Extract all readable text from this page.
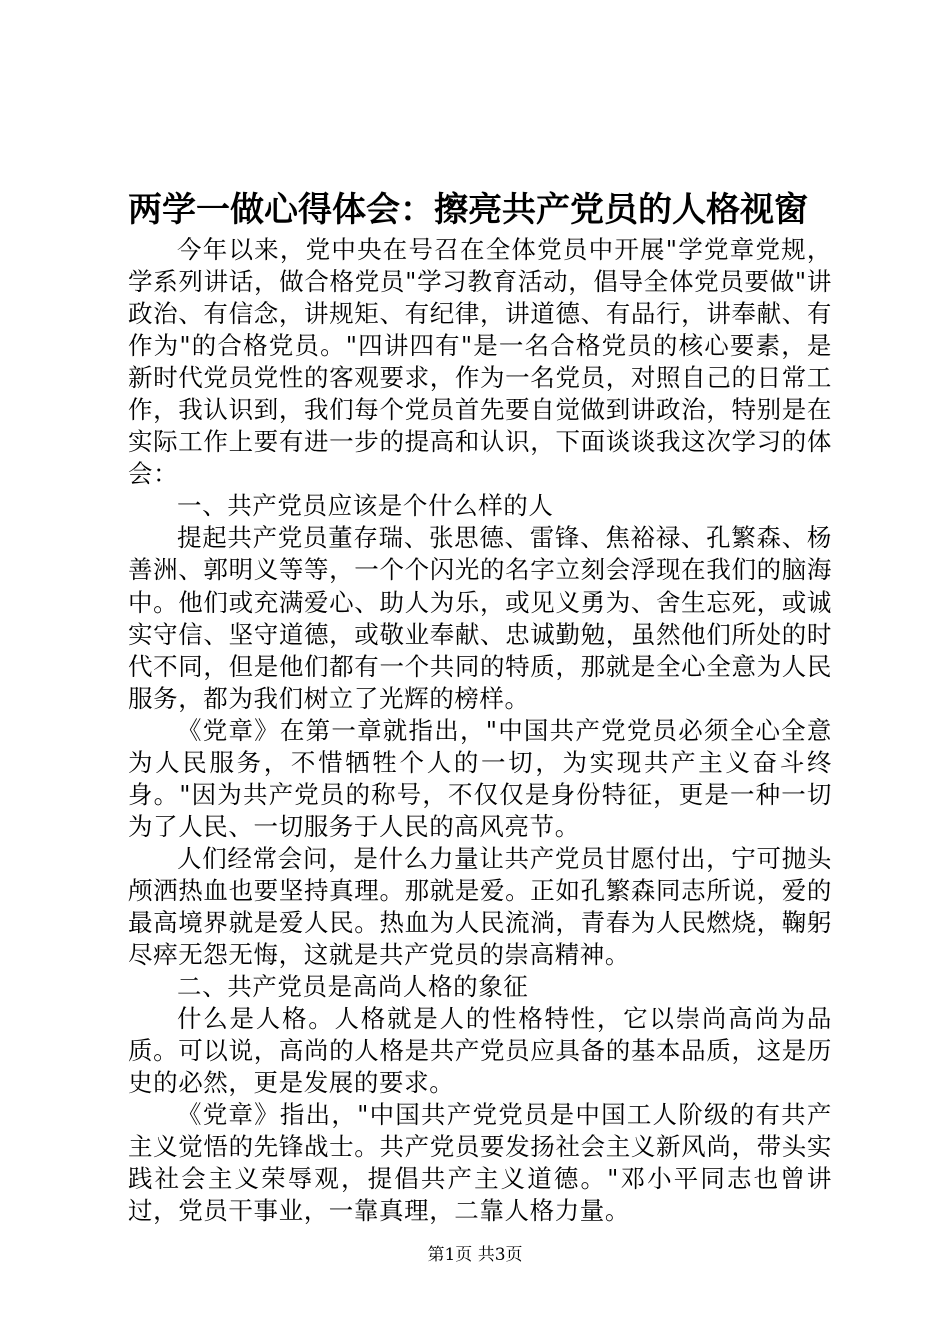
两学一做心得体会：擦亮共产党员的人格视窗

今年以来，党中央在号召在全体党员中开展"学党章党规，学系列讲话，做合格党员"学习教育活动，倡导全体党员要做"讲政治、有信念，讲规矩、有纪律，讲道德、有品行，讲奉献、有作为"的合格党员。"四讲四有"是一名合格党员的核心要素，是新时代党员党性的客观要求，作为一名党员，对照自己的日常工作，我认识到，我们每个党员首先要自觉做到讲政治，特别是在实际工作上要有进一步的提高和认识，下面谈谈我这次学习的体会：

一、共产党员应该是个什么样的人

提起共产党员董存瑞、张思德、雷锋、焦裕禄、孔繁森、杨善洲、郭明义等等，一个个闪光的名字立刻会浮现在我们的脑海中。他们或充满爱心、助人为乐，或见义勇为、舍生忘死，或诚实守信、坚守道德，或敬业奉献、忠诚勤勉，虽然他们所处的时代不同，但是他们都有一个共同的特质，那就是全心全意为人民服务，都为我们树立了光辉的榜样。

《党章》在第一章就指出，"中国共产党党员必须全心全意为人民服务，不惜牺牲个人的一切，为实现共产主义奋斗终身。"因为共产党员的称号，不仅仅是身份特征，更是一种一切为了人民、一切服务于人民的高风亮节。

人们经常会问，是什么力量让共产党员甘愿付出，宁可抛头颅洒热血也要坚持真理。那就是爱。正如孔繁森同志所说，爱的最高境界就是爱人民。热血为人民流淌，青春为人民燃烧，鞠躬尽瘁无怨无悔，这就是共产党员的崇高精神。

二、共产党员是高尚人格的象征

什么是人格。人格就是人的性格特性，它以崇尚高尚为品质。可以说，高尚的人格是共产党员应具备的基本品质，这是历史的必然，更是发展的要求。

《党章》指出，"中国共产党党员是中国工人阶级的有共产主义觉悟的先锋战士。共产党员要发扬社会主义新风尚，带头实践社会主义荣辱观，提倡共产主义道德。"邓小平同志也曾讲过，党员干事业，一靠真理，二靠人格力量。

第1页 共3页
